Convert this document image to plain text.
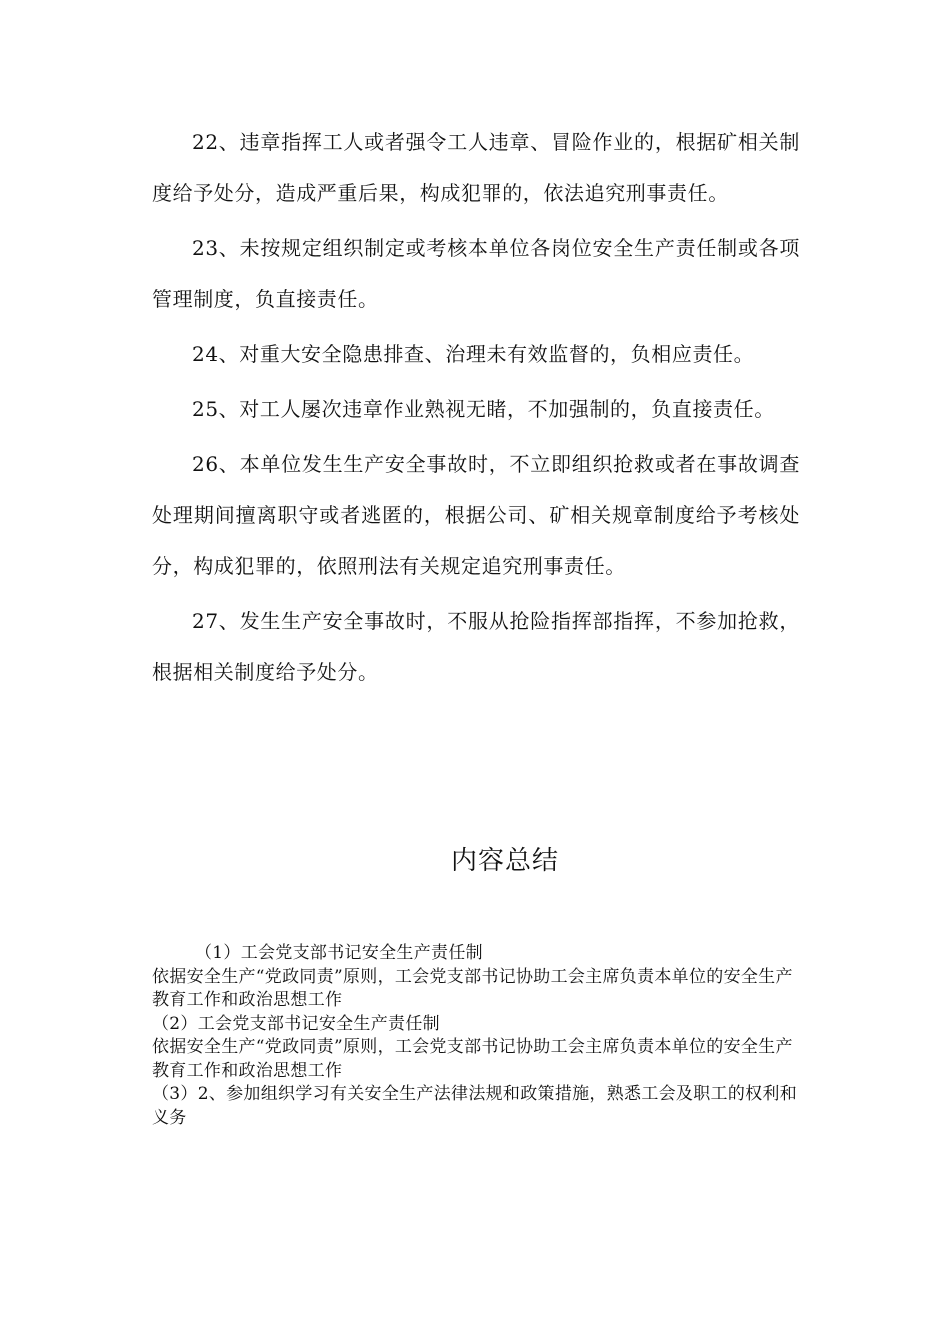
22、违章指挥工人或者强令工人违章、冒险作业的，根据矿相关制度给予处分，造成严重后果，构成犯罪的，依法追究刑事责任。

23、未按规定组织制定或考核本单位各岗位安全生产责任制或各项管理制度，负直接责任。

24、对重大安全隐患排查、治理未有效监督的，负相应责任。

25、对工人屡次违章作业熟视无睹，不加强制的，负直接责任。

26、本单位发生生产安全事故时，不立即组织抢救或者在事故调查处理期间擅离职守或者逃匿的，根据公司、矿相关规章制度给予考核处分，构成犯罪的，依照刑法有关规定追究刑事责任。

27、发生生产安全事故时，不服从抢险指挥部指挥，不参加抢救，根据相关制度给予处分。

内容总结

（1）工会党支部书记安全生产责任制

依据安全生产“党政同责”原则，工会党支部书记协助工会主席负责本单位的安全生产教育工作和政治思想工作

（2）工会党支部书记安全生产责任制

依据安全生产“党政同责”原则，工会党支部书记协助工会主席负责本单位的安全生产教育工作和政治思想工作

（3）2、参加组织学习有关安全生产法律法规和政策措施，熟悉工会及职工的权利和义务
